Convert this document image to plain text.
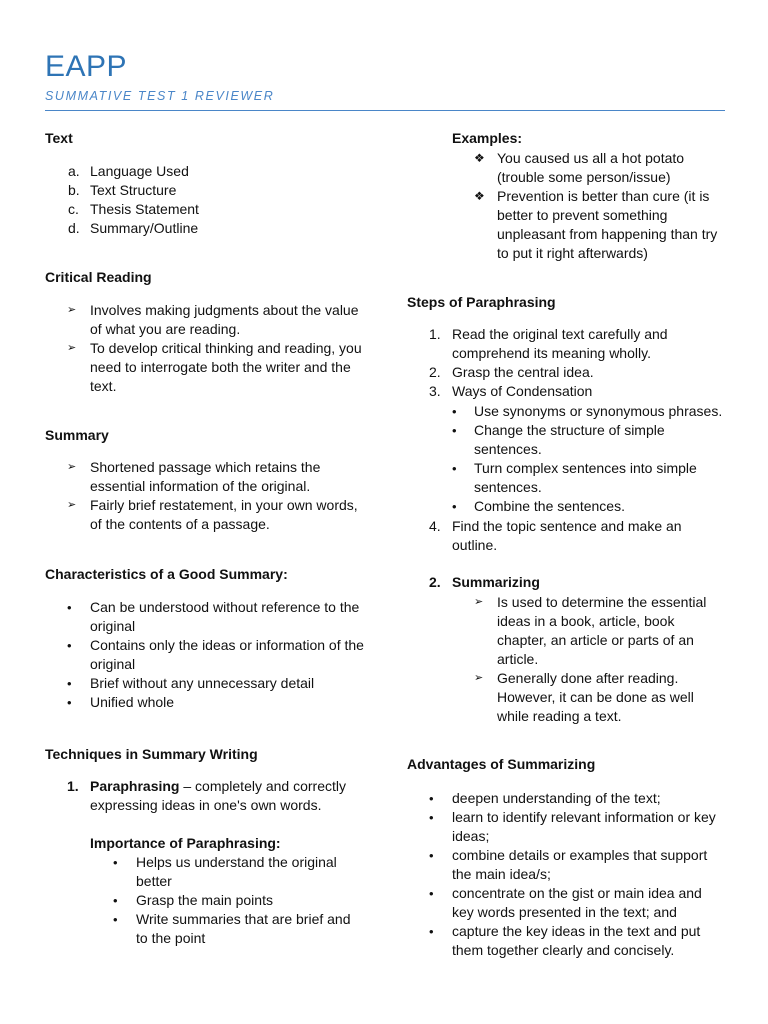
EAPP
SUMMATIVE TEST 1 REVIEWER

Text

a. Language Used
b. Text Structure
c. Thesis Statement
d. Summary/Outline

Critical Reading

➢ Involves making judgments about the value
of what you are reading.
➢ To develop critical thinking and reading, you
need to interrogate both the writer and the
text.

Summary

➢ Shortened passage which retains the
essential information of the original.
➢ Fairly brief restatement, in your own words,
of the contents of a passage.

Characteristics of a Good Summary:

• Can be understood without reference to the
original
• Contains only the ideas or information of the
original
• Brief without any unnecessary detail
• Unified whole

Techniques in Summary Writing

1. Paraphrasing – completely and correctly
expressing ideas in one's own words.

Importance of Paraphrasing:

• Helps us understand the original
better
• Grasp the main points
• Write summaries that are brief and
to the point

Examples:

❖ You caused us all a hot potato
(trouble some person/issue)
❖ Prevention is better than cure (it is
better to prevent something
unpleasant from happening than try
to put it right afterwards)

Steps of Paraphrasing

1. Read the original text carefully and
comprehend its meaning wholly.
2. Grasp the central idea.
3. Ways of Condensation
• Use synonyms or synonymous phrases.
• Change the structure of simple
sentences.
• Turn complex sentences into simple
sentences.
• Combine the sentences.
4. Find the topic sentence and make an
outline.
2. Summarizing

➢ Is used to determine the essential
ideas in a book, article, book
chapter, an article or parts of an
article.
➢ Generally done after reading.
However, it can be done as well
while reading a text.

Advantages of Summarizing

• deepen understanding of the text;
• learn to identify relevant information or key
ideas;
• combine details or examples that support
the main idea/s;
• concentrate on the gist or main idea and
key words presented in the text; and
• capture the key ideas in the text and put
them together clearly and concisely.
